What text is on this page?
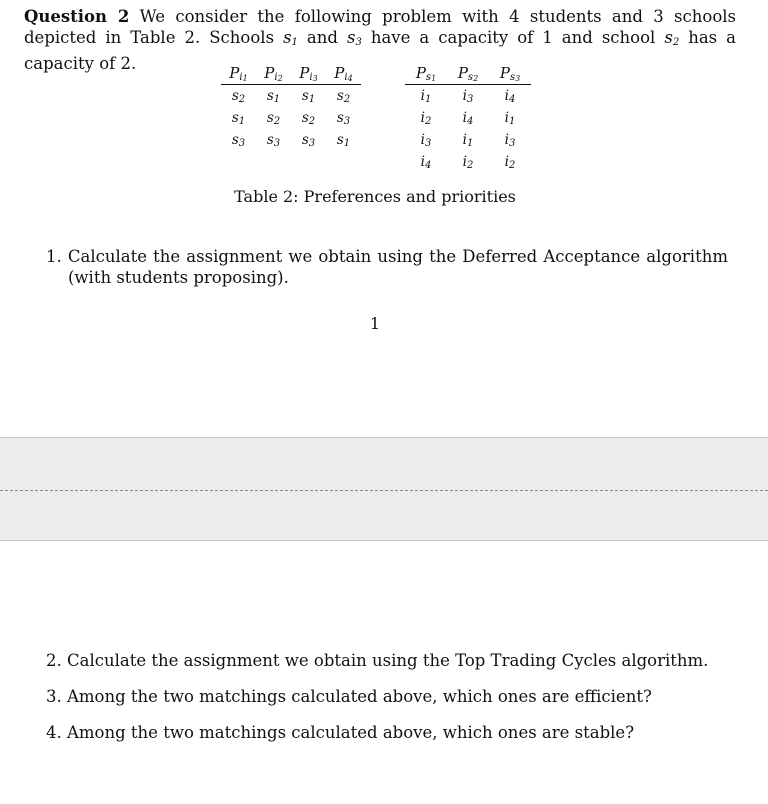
Question 2 We consider the following problem with 4 students and 3 schools depicted in Table 2. Schools $s_1$ and $s_3$ have a capacity of 1 and school $s_2$ has a capacity of 2.	$P_{i1}$	$P_{i2}$	$P_{i3}$	$P_{i4}$
$s_2$	$s_1$	$s_1$	$s_2$
$s_1$	$s_2$	$s_2$	$s_3$
$s_3$	$s_3$	$s_3$	$s_1$
$P_{s1}$	$P_{s2}$	$P_{s3}$
$i_1$	$i_3$	$i_4$
$i_2$	$i_4$	$i_1$
$i_3$	$i_1$	$i_3$
$i_4$	$i_2$	$i_2$
Table 2: Preferences and priorities
1. Calculate the assignment we obtain using the Deferred Acceptance algorithm (with students proposing).
1
2. Calculate the assignment we obtain using the Top Trading Cycles algorithm.
3. Among the two matchings calculated above, which ones are efficient?
4. Among the two matchings calculated above, which ones are stable?
